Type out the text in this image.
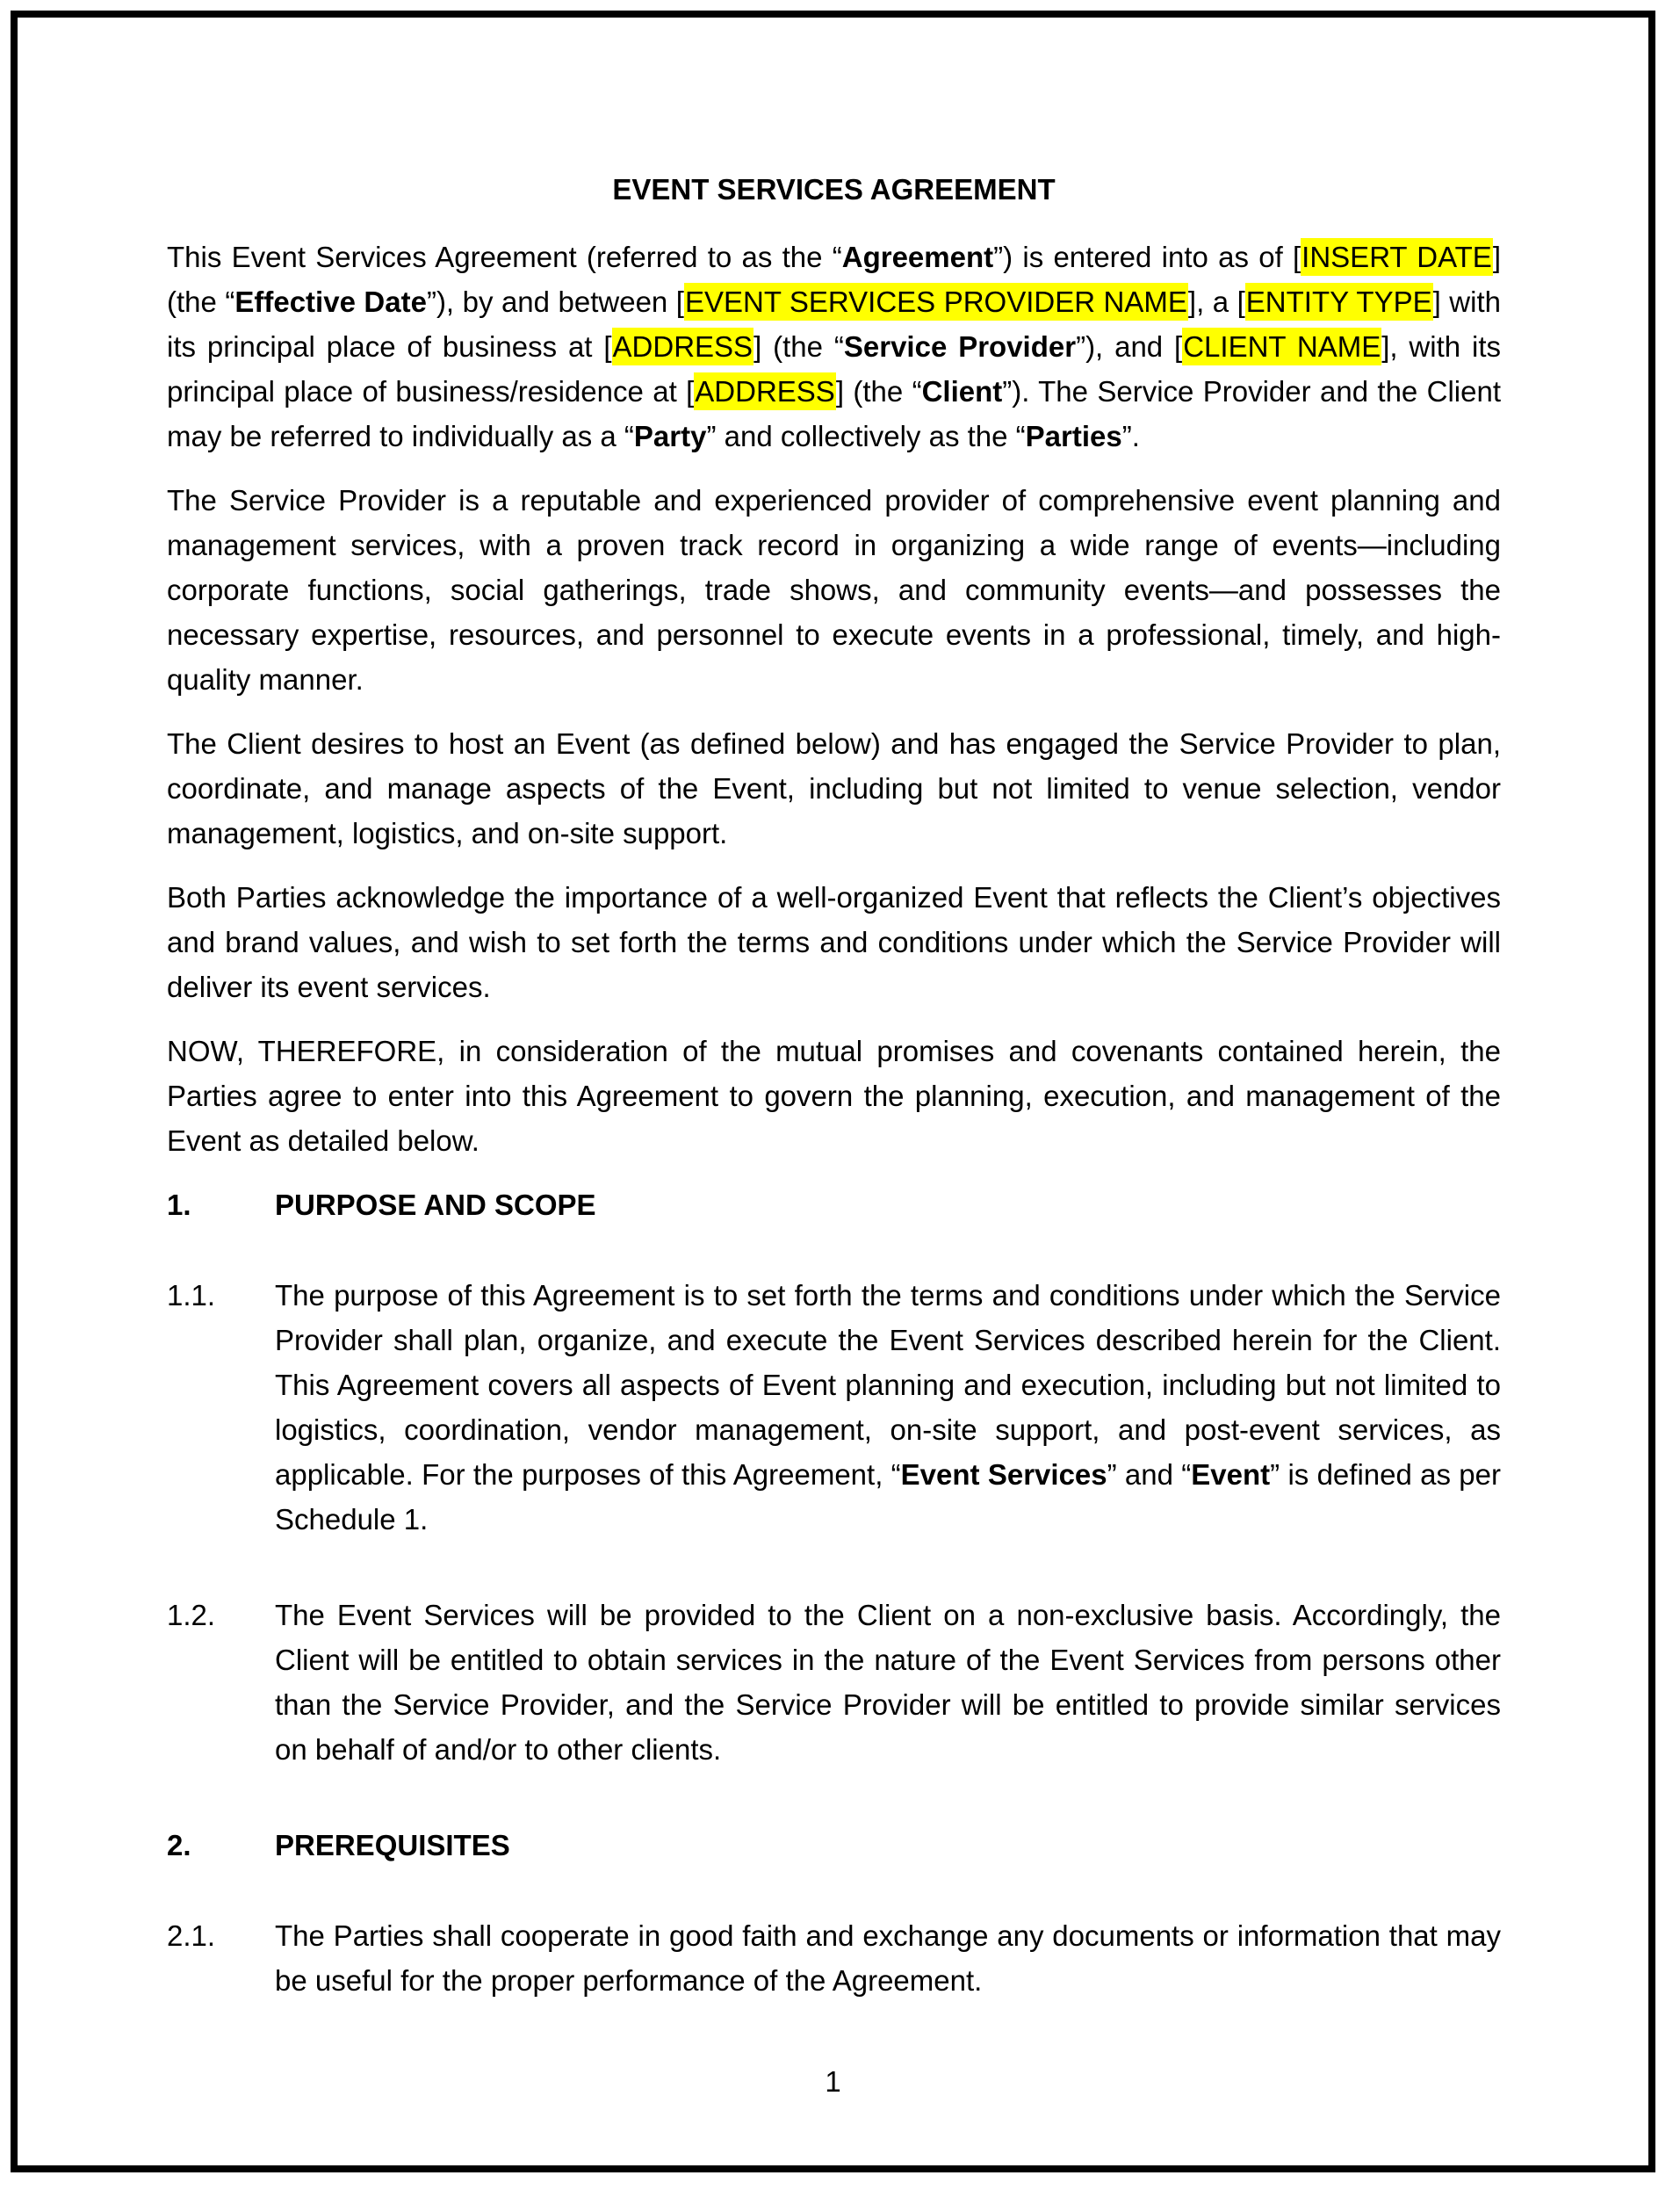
EVENT SERVICES AGREEMENT
This Event Services Agreement (referred to as the “Agreement”) is entered into as of [INSERT DATE] (the “Effective Date”), by and between [EVENT SERVICES PROVIDER NAME], a [ENTITY TYPE] with its principal place of business at [ADDRESS] (the “Service Provider”), and [CLIENT NAME], with its principal place of business/residence at [ADDRESS] (the “Client”). The Service Provider and the Client may be referred to individually as a “Party” and collectively as the “Parties”.
The Service Provider is a reputable and experienced provider of comprehensive event planning and management services, with a proven track record in organizing a wide range of events—including corporate functions, social gatherings, trade shows, and community events—and possesses the necessary expertise, resources, and personnel to execute events in a professional, timely, and high-quality manner.
The Client desires to host an Event (as defined below) and has engaged the Service Provider to plan, coordinate, and manage aspects of the Event, including but not limited to venue selection, vendor management, logistics, and on-site support.
Both Parties acknowledge the importance of a well-organized Event that reflects the Client’s objectives and brand values, and wish to set forth the terms and conditions under which the Service Provider will deliver its event services.
NOW, THEREFORE, in consideration of the mutual promises and covenants contained herein, the Parties agree to enter into this Agreement to govern the planning, execution, and management of the Event as detailed below.
1.	PURPOSE AND SCOPE
1.1.	The purpose of this Agreement is to set forth the terms and conditions under which the Service Provider shall plan, organize, and execute the Event Services described herein for the Client. This Agreement covers all aspects of Event planning and execution, including but not limited to logistics, coordination, vendor management, on-site support, and post-event services, as applicable. For the purposes of this Agreement, “Event Services” and “Event” is defined as per Schedule 1.
1.2.	The Event Services will be provided to the Client on a non-exclusive basis. Accordingly, the Client will be entitled to obtain services in the nature of the Event Services from persons other than the Service Provider, and the Service Provider will be entitled to provide similar services on behalf of and/or to other clients.
2.	PREREQUISITES
2.1.	The Parties shall cooperate in good faith and exchange any documents or information that may be useful for the proper performance of the Agreement.
1
